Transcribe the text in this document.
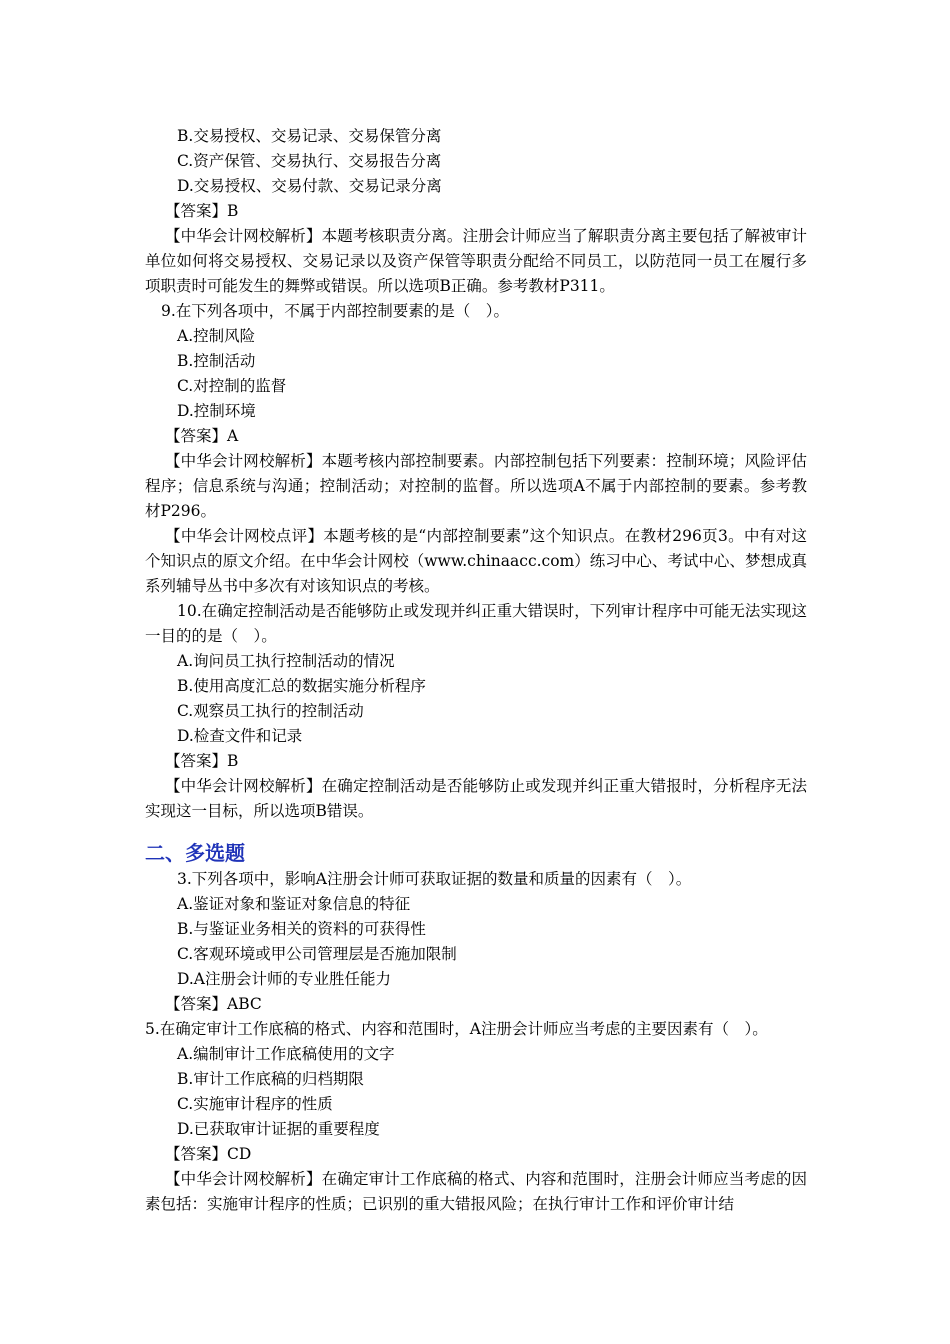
B.交易授权、交易记录、交易保管分离
C.资产保管、交易执行、交易报告分离
D.交易授权、交易付款、交易记录分离
【答案】B
【中华会计网校解析】本题考核职责分离。注册会计师应当了解职责分离主要包括了解被审计单位如何将交易授权、交易记录以及资产保管等职责分配给不同员工，以防范同一员工在履行多项职责时可能发生的舞弊或错误。所以选项B正确。参考教材P311。
9.在下列各项中，不属于内部控制要素的是（　）。
A.控制风险
B.控制活动
C.对控制的监督
D.控制环境
【答案】A
【中华会计网校解析】本题考核内部控制要素。内部控制包括下列要素：控制环境；风险评估程序；信息系统与沟通；控制活动；对控制的监督。所以选项A不属于内部控制的要素。参考教材P296。
【中华会计网校点评】本题考核的是“内部控制要素”这个知识点。在教材296页3。中有对这个知识点的原文介绍。在中华会计网校（www.chinaacc.com）练习中心、考试中心、梦想成真系列辅导丛书中多次有对该知识点的考核。
10.在确定控制活动是否能够防止或发现并纠正重大错误时，下列审计程序中可能无法实现这一目的的是（　）。
A.询问员工执行控制活动的情况
B.使用高度汇总的数据实施分析程序
C.观察员工执行的控制活动
D.检查文件和记录
【答案】B
【中华会计网校解析】在确定控制活动是否能够防止或发现并纠正重大错报时，分析程序无法实现这一目标，所以选项B错误。
二、多选题
3.下列各项中，影响A注册会计师可获取证据的数量和质量的因素有（　）。
A.鉴证对象和鉴证对象信息的特征
B.与鉴证业务相关的资料的可获得性
C.客观环境或甲公司管理层是否施加限制
D.A注册会计师的专业胜任能力
【答案】ABC
5.在确定审计工作底稿的格式、内容和范围时，A注册会计师应当考虑的主要因素有（　）。
A.编制审计工作底稿使用的文字
B.审计工作底稿的归档期限
C.实施审计程序的性质
D.已获取审计证据的重要程度
【答案】CD
【中华会计网校解析】在确定审计工作底稿的格式、内容和范围时，注册会计师应当考虑的因素包括：实施审计程序的性质；已识别的重大错报风险；在执行审计工作和评价审计结
